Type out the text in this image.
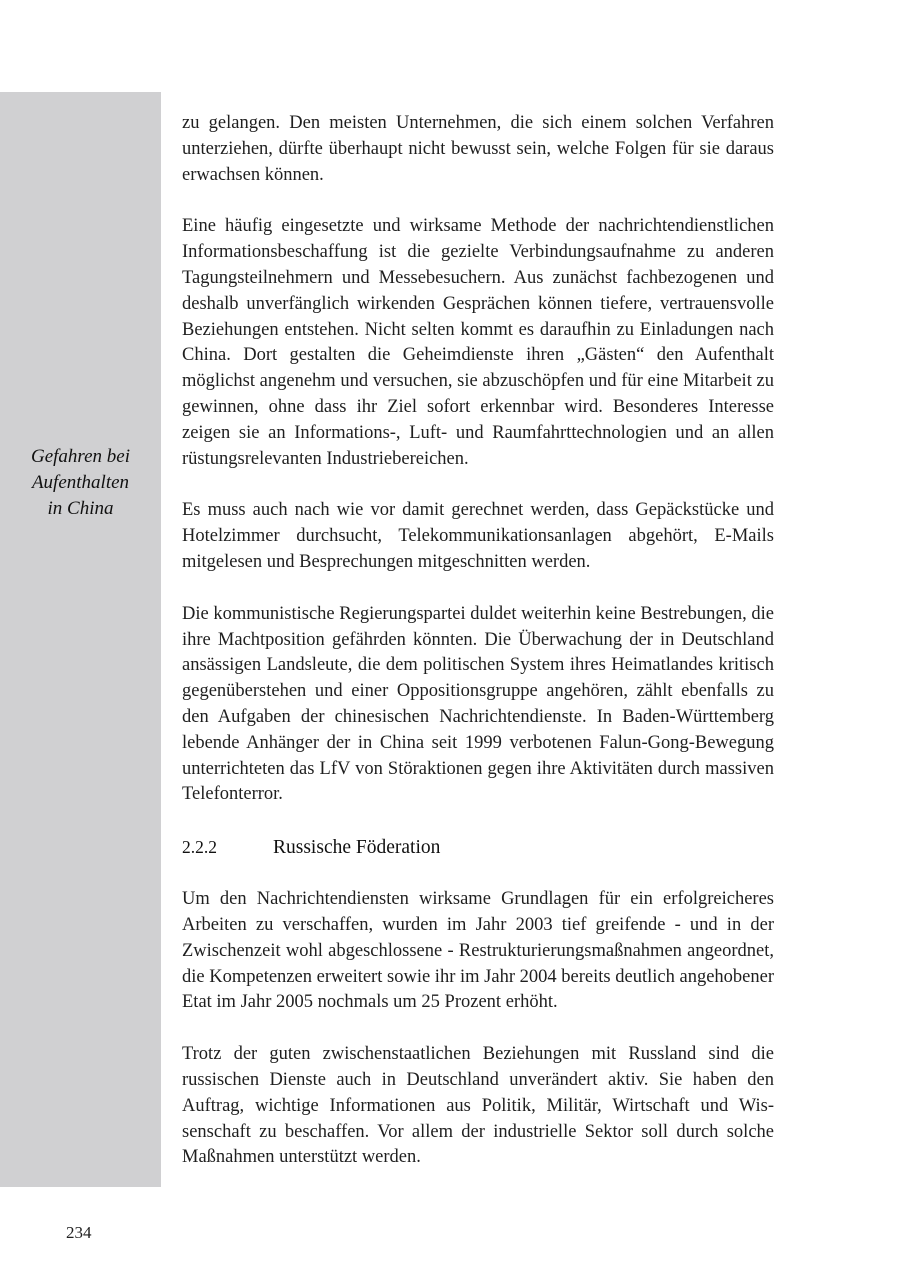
Gefahren bei
Aufenthalten
in China

zu gelangen. Den meisten Unternehmen, die sich einem solchen Verfahren unterziehen, dürfte überhaupt nicht bewusst sein, welche Folgen für sie daraus erwachsen können.

Eine häufig eingesetzte und wirksame Methode der nachrichtendienstlichen Informationsbeschaffung ist die gezielte Verbindungsaufnahme zu anderen Tagungsteilnehmern und Messebesuchern. Aus zunächst fachbezogenen und deshalb unverfänglich wirkenden Gesprächen können tiefere, vertrauensvolle Beziehungen entstehen. Nicht selten kommt es daraufhin zu Einladungen nach China. Dort gestalten die Geheimdienste ihren „Gästen“ den Aufenthalt möglichst angenehm und versuchen, sie abzuschöpfen und für eine Mitarbeit zu gewinnen, ohne dass ihr Ziel sofort erkennbar wird. Besonderes Interesse zeigen sie an Informations-, Luft- und Raumfahrttechnologien und an allen rüstungsrelevanten Industriebereichen.

Es muss auch nach wie vor damit gerechnet werden, dass Gepäckstücke und Hotelzimmer durchsucht, Telekommunikationsanlagen abgehört, E-Mails mitgelesen und Besprechungen mitgeschnitten werden.

Die kommunistische Regierungspartei duldet weiterhin keine Bestrebungen, die ihre Machtposition gefährden könnten. Die Überwachung der in Deutschland ansässigen Landsleute, die dem politischen System ihres Heimatlandes kritisch gegenüberstehen und einer Oppositionsgruppe angehören, zählt ebenfalls zu den Aufgaben der chinesischen Nachrichtendienste. In Baden-Württemberg lebende Anhänger der in China seit 1999 verbotenen Falun-Gong-Bewegung unterrichteten das LfV von Störaktionen gegen ihre Aktivitäten durch massiven Telefonterror.

2.2.2	Russische Föderation

Um den Nachrichtendiensten wirksame Grundlagen für ein erfolgreicheres Arbeiten zu verschaffen, wurden im Jahr 2003 tief greifende - und in der Zwischenzeit wohl abgeschlossene - Restrukturierungsmaßnahmen angeordnet, die Kompetenzen erweitert sowie ihr im Jahr 2004 bereits deutlich angehobener Etat im Jahr 2005 nochmals um 25 Prozent erhöht.

Trotz der guten zwischenstaatlichen Beziehungen mit Russland sind die russischen Dienste auch in Deutschland unverändert aktiv. Sie haben den Auftrag, wichtige Informationen aus Politik, Militär, Wirtschaft und Wissenschaft zu beschaffen. Vor allem der industrielle Sektor soll durch solche Maßnahmen unterstützt werden.

234
